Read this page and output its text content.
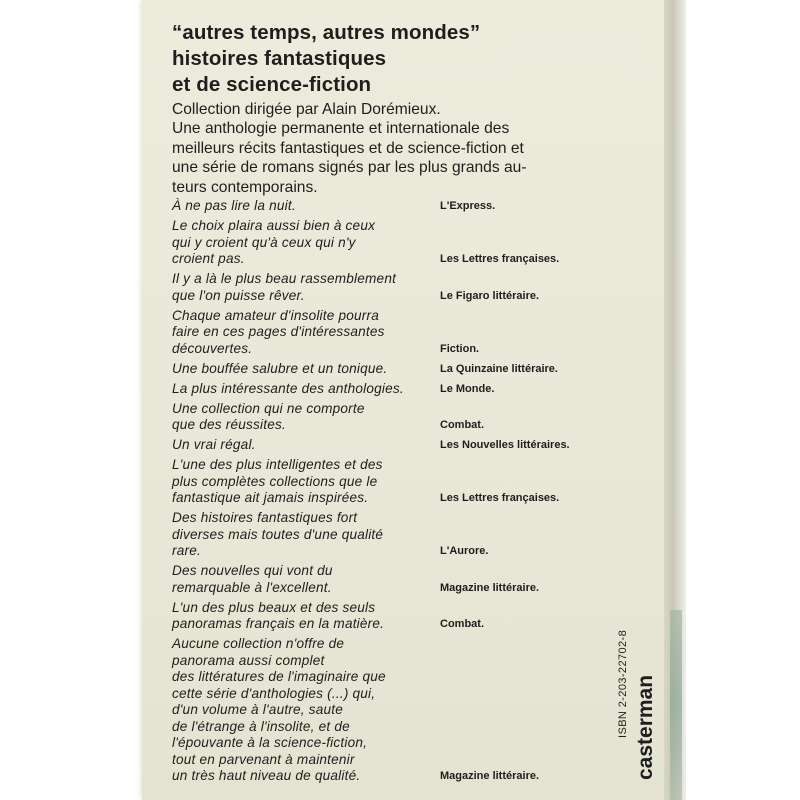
“autres temps, autres mondes”
histoires fantastiques
et de science-fiction
Collection dirigée par Alain Dorémieux.
Une anthologie permanente et internationale des
meilleurs récits fantastiques et de science-fiction et
une série de romans signés par les plus grands au-
teurs contemporains.
À ne pas lire la nuit.	L'Express.
Le choix plaira aussi bien à ceux
qui y croient qu'à ceux qui n'y
croient pas.	Les Lettres françaises.
Il y a là le plus beau rassemblement
que l'on puisse rêver.	Le Figaro littéraire.
Chaque amateur d'insolite pourra
faire en ces pages d'intéressantes
découvertes.	Fiction.
Une bouffée salubre et un tonique.	La Quinzaine littéraire.
La plus intéressante des anthologies.	Le Monde.
Une collection qui ne comporte
que des réussites.	Combat.
Un vrai régal.	Les Nouvelles littéraires.
L'une des plus intelligentes et des
plus complètes collections que le
fantastique ait jamais inspirées.	Les Lettres françaises.
Des histoires fantastiques fort
diverses mais toutes d'une qualité
rare.	L'Aurore.
Des nouvelles qui vont du
remarquable à l'excellent.	Magazine littéraire.
L'un des plus beaux et des seuls
panoramas français en la matière.	Combat.
Aucune collection n'offre de
panorama aussi complet
des littératures de l'imaginaire que
cette série d'anthologies (...) qui,
d'un volume à l'autre, saute
de l'étrange à l'insolite, et de
l'épouvante à la science-fiction,
tout en parvenant à maintenir
un très haut niveau de qualité.	Magazine littéraire.
ISBN 2-203-22702-8 casterman
